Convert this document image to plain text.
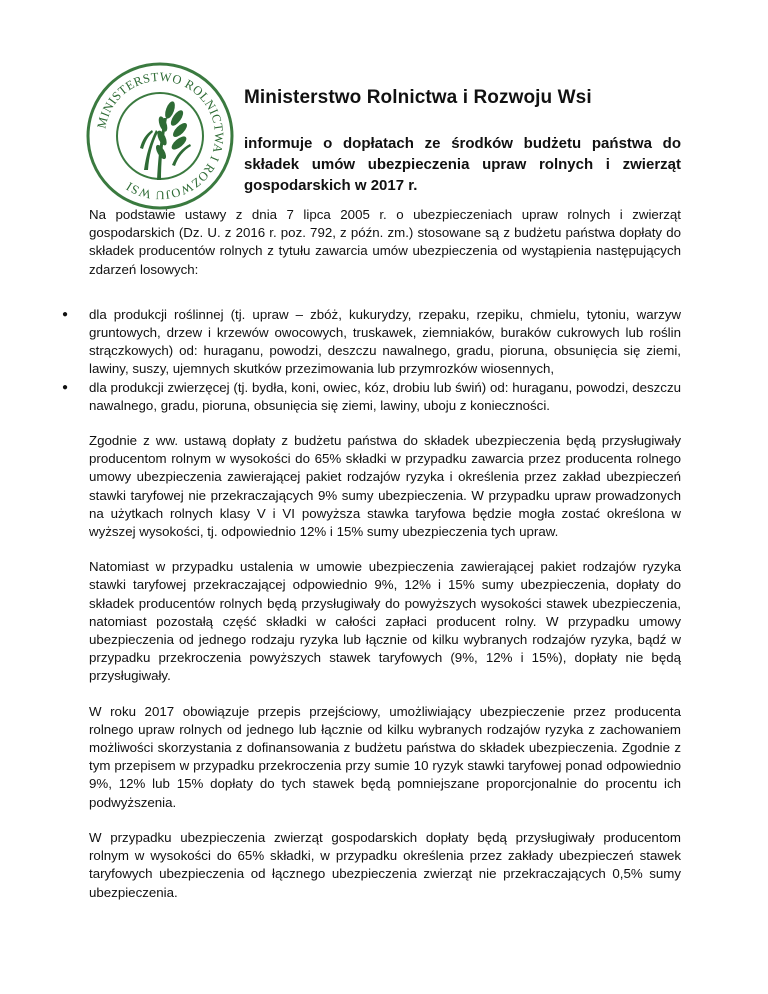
MINISTERSTWO ROLNICTWA I ROZWOJU WSI
Ministerstwo Rolnictwa i Rozwoju Wsi
informuje o dopłatach ze środków budżetu państwa do składek umów ubezpieczenia upraw rolnych i zwierząt gospodarskich w 2017 r.

Na podstawie ustawy z dnia 7 lipca 2005 r. o ubezpieczeniach upraw rolnych i zwierząt gospodarskich (Dz. U. z 2016 r. poz. 792, z późn. zm.) stosowane są z budżetu państwa dopłaty do składek producentów rolnych z tytułu zawarcia umów ubezpieczenia od wystąpienia następujących zdarzeń losowych:

● dla produkcji roślinnej (tj. upraw – zbóż, kukurydzy, rzepaku, rzepiku, chmielu, tytoniu, warzyw gruntowych, drzew i krzewów owocowych, truskawek, ziemniaków, buraków cukrowych lub roślin strączkowych) od: huraganu, powodzi, deszczu nawalnego, gradu, pioruna, obsunięcia się ziemi, lawiny, suszy, ujemnych skutków przezimowania lub przymrozków wiosennych,
● dla produkcji zwierzęcej (tj. bydła, koni, owiec, kóz, drobiu lub świń) od: huraganu, powodzi, deszczu nawalnego, gradu, pioruna, obsunięcia się ziemi, lawiny, uboju z konieczności.

Zgodnie z ww. ustawą dopłaty z budżetu państwa do składek ubezpieczenia będą przysługiwały producentom rolnym w wysokości do 65% składki w przypadku zawarcia przez producenta rolnego umowy ubezpieczenia zawierającej pakiet rodzajów ryzyka i określenia przez zakład ubezpieczeń stawki taryfowej nie przekraczających 9% sumy ubezpieczenia. W przypadku upraw prowadzonych na użytkach rolnych klasy V i VI powyższa stawka taryfowa będzie mogła zostać określona w wyższej wysokości, tj. odpowiednio 12% i 15% sumy ubezpieczenia tych upraw.

Natomiast w przypadku ustalenia w umowie ubezpieczenia zawierającej pakiet rodzajów ryzyka stawki taryfowej przekraczającej odpowiednio 9%, 12% i 15% sumy ubezpieczenia, dopłaty do składek producentów rolnych będą przysługiwały do powyższych wysokości stawek ubezpieczenia, natomiast pozostałą część składki w całości zapłaci producent rolny. W przypadku umowy ubezpieczenia od jednego rodzaju ryzyka lub łącznie od kilku wybranych rodzajów ryzyka, bądź w przypadku przekroczenia powyższych stawek taryfowych (9%, 12% i 15%), dopłaty nie będą przysługiwały.

W roku 2017 obowiązuje przepis przejściowy, umożliwiający ubezpieczenie przez producenta rolnego upraw rolnych od jednego lub łącznie od kilku wybranych rodzajów ryzyka z zachowaniem możliwości skorzystania z dofinansowania z budżetu państwa do składek ubezpieczenia. Zgodnie z tym przepisem w przypadku przekroczenia przy sumie 10 ryzyk stawki taryfowej ponad odpowiednio 9%, 12% lub 15% dopłaty do tych stawek będą pomniejszane proporcjonalnie do procentu ich podwyższenia.

W przypadku ubezpieczenia zwierząt gospodarskich dopłaty będą przysługiwały producentom rolnym w wysokości do 65% składki, w przypadku określenia przez zakłady ubezpieczeń stawek taryfowych ubezpieczenia od łącznego ubezpieczenia zwierząt nie przekraczających 0,5% sumy ubezpieczenia.
